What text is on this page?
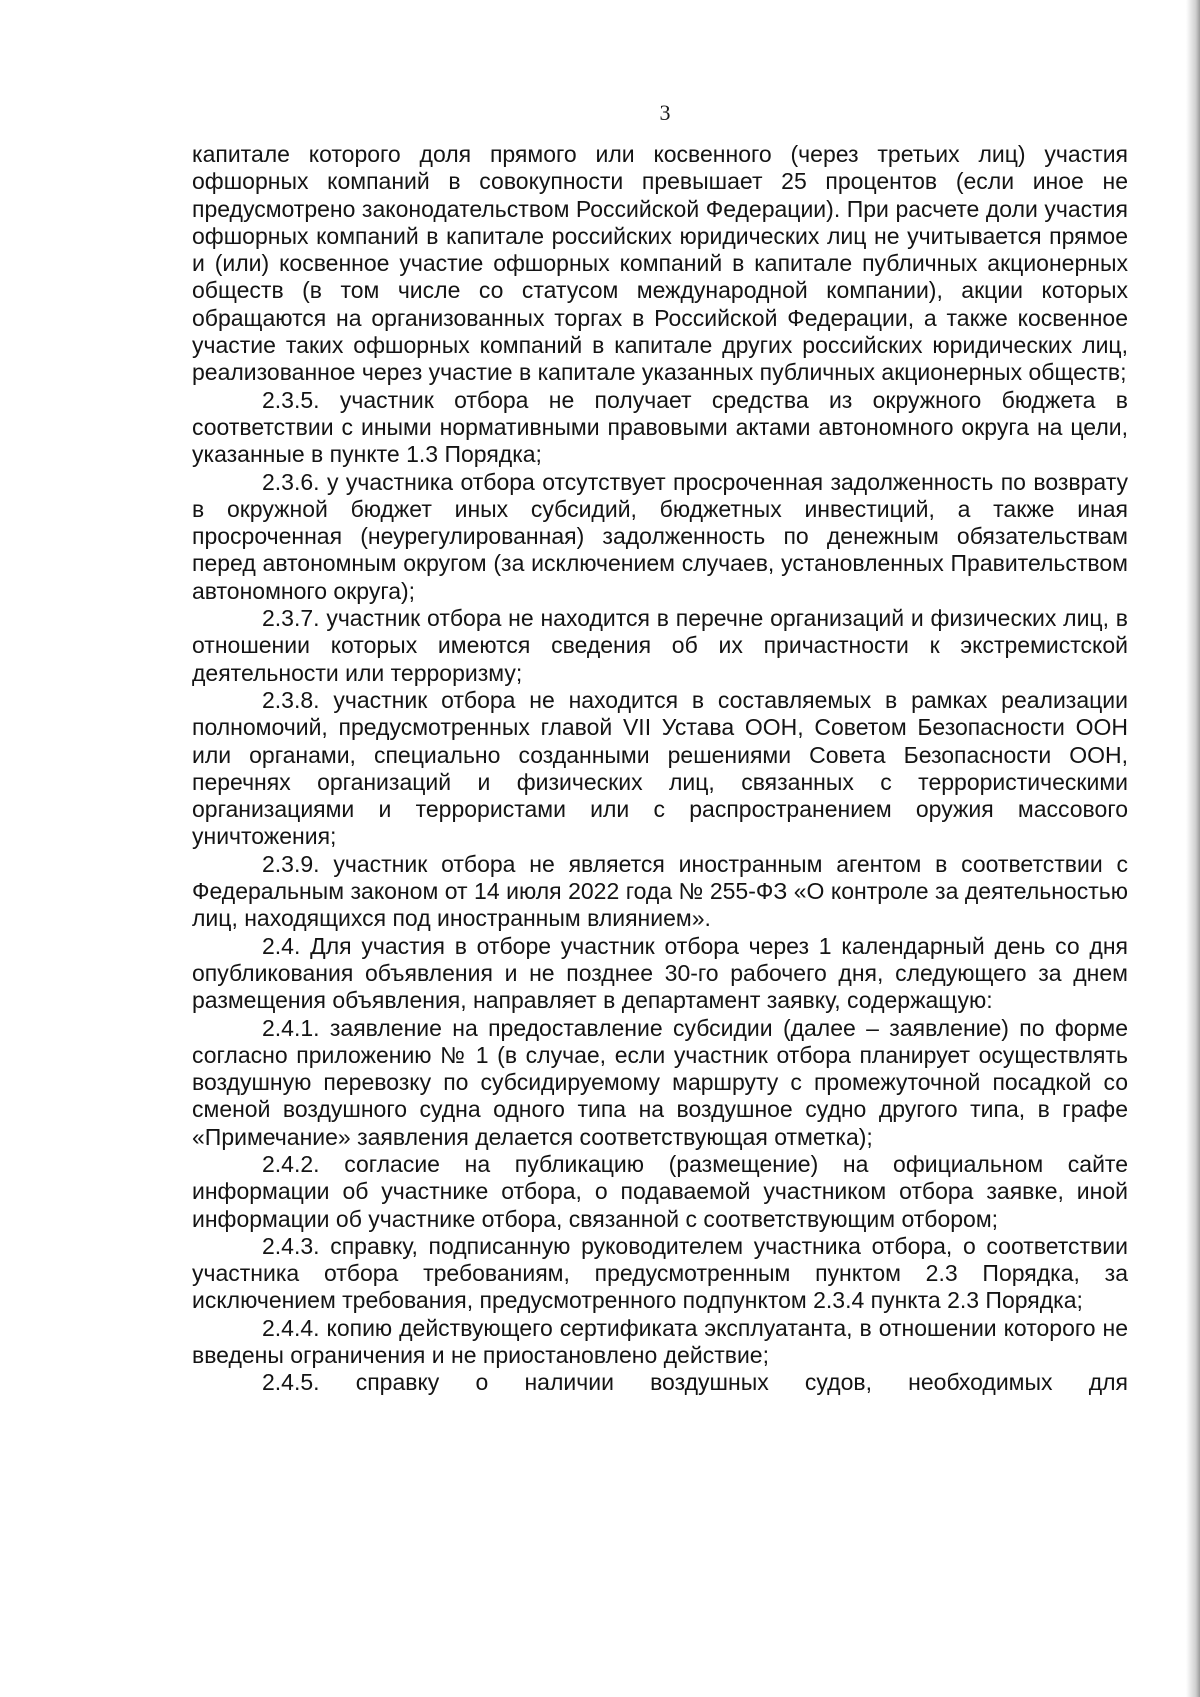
3

капитале которого доля прямого или косвенного (через третьих лиц) участия офшорных компаний в совокупности превышает 25 процентов (если иное не предусмотрено законодательством Российской Федерации). При расчете доли участия офшорных компаний в капитале российских юридических лиц не учитывается прямое и (или) косвенное участие офшорных компаний в капитале публичных акционерных обществ (в том числе со статусом международной компании), акции которых обращаются на организованных торгах в Российской Федерации, а также косвенное участие таких офшорных компаний в капитале других российских юридических лиц, реализованное через участие в капитале указанных публичных акционерных обществ;

2.3.5. участник отбора не получает средства из окружного бюджета в соответствии с иными нормативными правовыми актами автономного округа на цели, указанные в пункте 1.3 Порядка;

2.3.6. у участника отбора отсутствует просроченная задолженность по возврату в окружной бюджет иных субсидий, бюджетных инвестиций, а также иная просроченная (неурегулированная) задолженность по денежным обязательствам перед автономным округом (за исключением случаев, установленных Правительством автономного округа);

2.3.7. участник отбора не находится в перечне организаций и физических лиц, в отношении которых имеются сведения об их причастности к экстремистской деятельности или терроризму;

2.3.8. участник отбора не находится в составляемых в рамках реализации полномочий, предусмотренных главой VII Устава ООН, Советом Безопасности ООН или органами, специально созданными решениями Совета Безопасности ООН, перечнях организаций и физических лиц, связанных с террористическими организациями и террористами или с распространением оружия массового уничтожения;

2.3.9. участник отбора не является иностранным агентом в соответствии с Федеральным законом от 14 июля 2022 года № 255-ФЗ «О контроле за деятельностью лиц, находящихся под иностранным влиянием».

2.4. Для участия в отборе участник отбора через 1 календарный день со дня опубликования объявления и не позднее 30-го рабочего дня, следующего за днем размещения объявления, направляет в департамент заявку, содержащую:

2.4.1. заявление на предоставление субсидии (далее – заявление) по форме согласно приложению № 1 (в случае, если участник отбора планирует осуществлять воздушную перевозку по субсидируемому маршруту с промежуточной посадкой со сменой воздушного судна одного типа на воздушное судно другого типа, в графе «Примечание» заявления делается соответствующая отметка);

2.4.2. согласие на публикацию (размещение) на официальном сайте информации об участнике отбора, о подаваемой участником отбора заявке, иной информации об участнике отбора, связанной с соответствующим отбором;

2.4.3. справку, подписанную руководителем участника отбора, о соответствии участника отбора требованиям, предусмотренным пунктом 2.3 Порядка, за исключением требования, предусмотренного подпунктом 2.3.4 пункта 2.3 Порядка;

2.4.4. копию действующего сертификата эксплуатанта, в отношении которого не введены ограничения и не приостановлено действие;

2.4.5. справку о наличии воздушных судов, необходимых для
